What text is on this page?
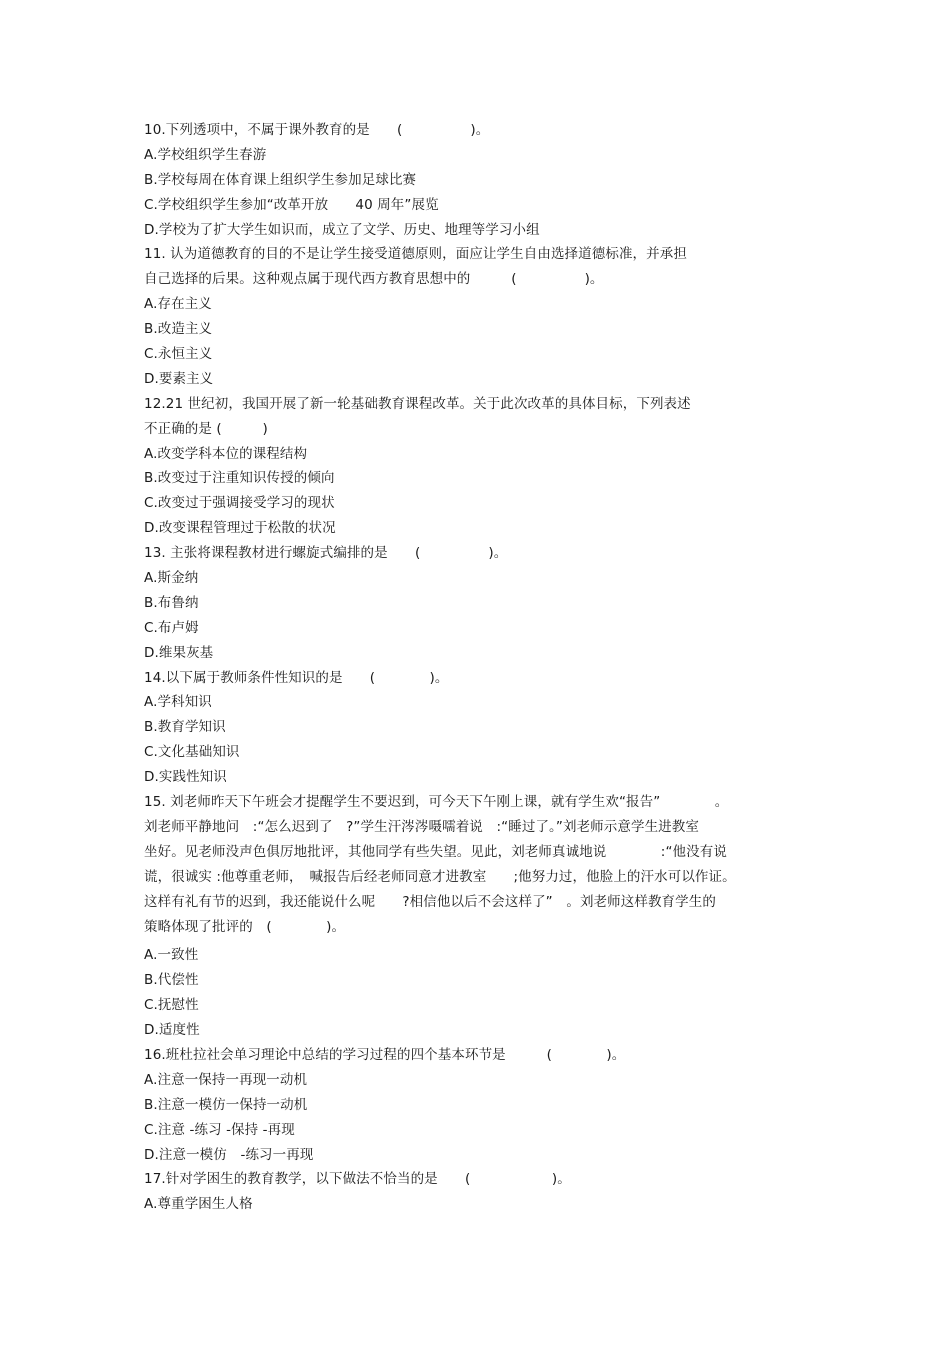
10.下列透项中，不属于课外教育的是　　(　　　　　)。
A.学校组织学生春游
B.学校每周在体育课上组织学生参加足球比赛
C.学校组织学生参加“改革开放　　40 周年”展览
D.学校为了扩大学生如识而，成立了文学、历史、地理等学习小组
11. 认为道德教育的目的不是让学生接受道德原则，面应让学生自由选择道德标准，并承担
自己选择的后果。这种观点属于现代西方教育思想中的　　　(　　　　　)。
A.存在主义
B.改造主义
C.永恒主义
D.要素主义
12.21 世纪初，我国开展了新一轮基础教育课程改革。关于此次改革的具体目标，下列表述
不正确的是 (　　　)
A.改变学科本位的课程结构
B.改变过于注重知识传授的倾向
C.改变过于强调接受学习的现状
D.改变课程管理过于松散的状况
13. 主张将课程教材进行螺旋式编排的是　　(　　　　　)。
A.斯金纳
B.布鲁纳
C.布卢姆
D.维果灰基
14.以下属于教师条件性知识的是　　(　　　　)。
A.学科知识
B.教育学知识
C.文化基础知识
D.实践性知识
15. 刘老师昨天下午班会才提醒学生不要迟到，可今天下午刚上课，就有学生欢“报告”　　　　。
刘老师平静地问　:“怎么迟到了　?”学生汗涔涔嗫嚅着说　:“睡过了。”刘老师示意学生进教室
坐好。见老师没声色俱厉地批评，其他同学有些失望。见此，刘老师真诚地说　　　　:“他没有说
谎，很诚实 :他尊重老师，　喊报告后经老师同意才进教室　　;他努力过，他脸上的汗水可以作证。
这样有礼有节的迟到，我还能说什么呢　　?相信他以后不会这样了”　。刘老师这样教育学生的
策略体现了批评的　(　　　　)。
A.一致性
B.代偿性
C.抚慰性
D.适度性
16.班杜拉社会单习理论中总结的学习过程的四个基本环节是　　　(　　　　)。
A.注意一保持一再现一动机
B.注意一模仿一保持一动机
C.注意 -练习 -保持 -再现
D.注意一模仿　-练习一再现
17.针对学困生的教育教学，以下做法不恰当的是　　(　　　　　　)。
A.尊重学困生人格
